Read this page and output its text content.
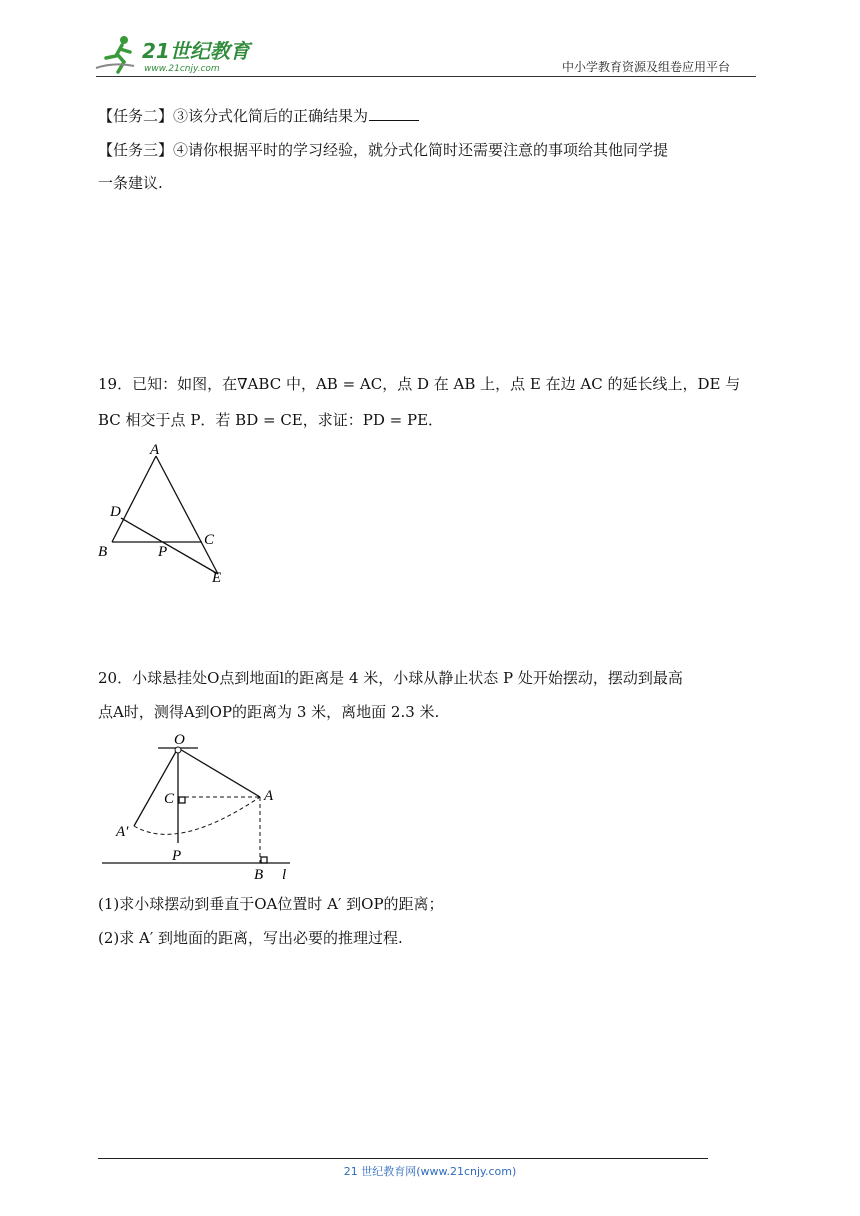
21世纪教育
www.21cnjy.com	中小学教育资源及组卷应用平台
【任务二】③该分式化简后的正确结果为
【任务三】④请你根据平时的学习经验，就分式化简时还需要注意的事项给其他同学提
一条建议.
19．已知：如图，在∇ABC 中，AB = AC，点 D 在 AB 上，点 E 在边 AC 的延长线上，DE 与
BC 相交于点 P．若 BD = CE，求证：PD = PE．
A
D
B	P
C
E
20．小球悬挂处O点到地面l的距离是 4 米，小球从静止状态 P 处开始摆动，摆动到最高
点A时，测得A到OP的距离为 3 米，离地面 2.3 米.
O
C	A
A′
P
B l
(1)求小球摆动到垂直于OA位置时 A′ 到OP的距离；
(2)求 A′ 到地面的距离，写出必要的推理过程.
21 世纪教育网(www.21cnjy.com)
